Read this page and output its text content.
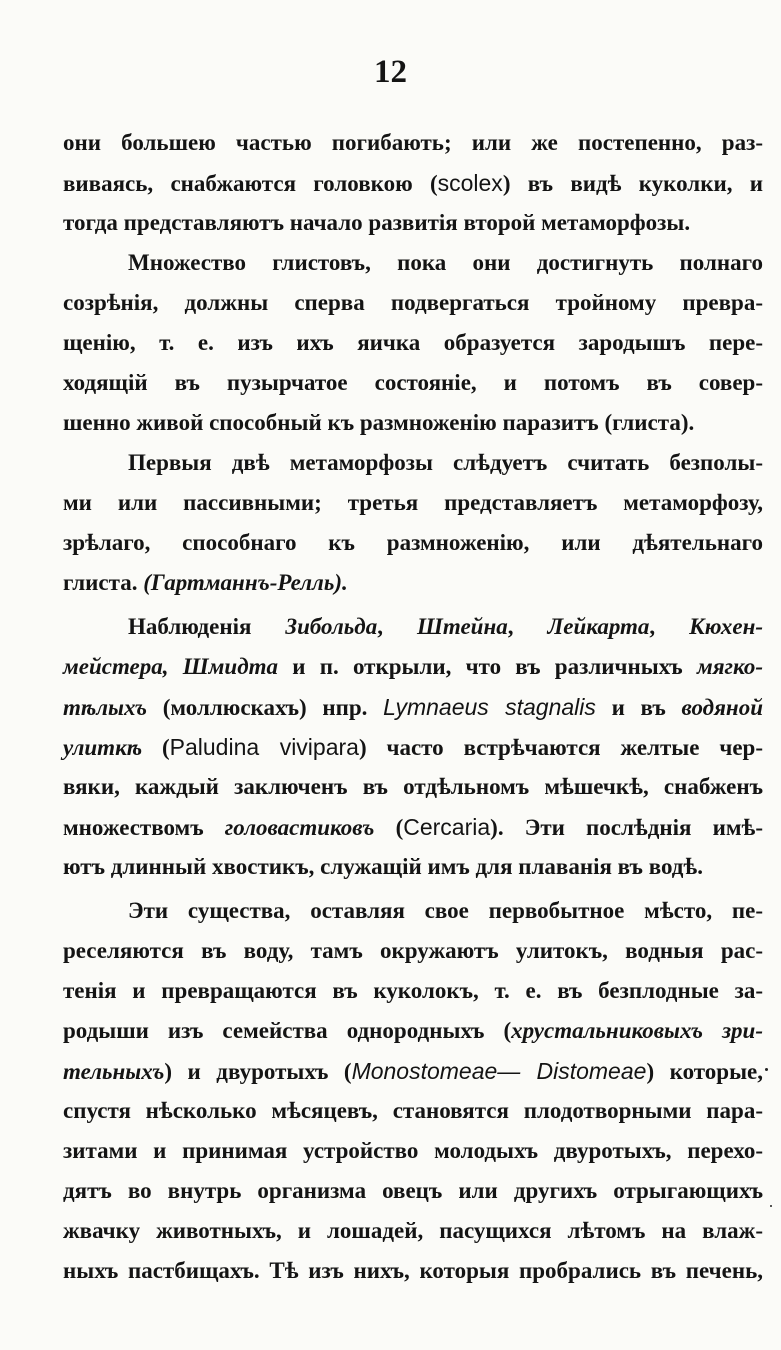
12
они большею частью погибають; или же постепенно, раз-
виваясь, снабжаются головкою (scolex) въ видѣ куколки, и
тогда представляютъ начало развитія второй метаморфозы.
Множество глистовъ, пока они достигнуть полнаго
созрѣнія, должны сперва подвергаться тройному превра-
щенію, т. е. изъ ихъ яичка образуется зародышъ пере-
ходящій въ пузырчатое состояніе, и потомъ въ совер-
шенно живой способный къ размноженію паразитъ (глиста).
Первыя двѣ метаморфозы слѣдуетъ считать безполы-
ми или пассивными; третья представляетъ метаморфозу,
зрѣлаго, способнаго къ размноженію, или дѣятельнаго
глиста. (Гартманнъ-Релль).
Наблюденія Зибольда, Штейна, Лейкарта, Кюхен-
мейстера, Шмидта и п. открыли, что въ различныхъ мягко-
тѣлыхъ (моллюскахъ) нпр. Lymnaeus stagnalis и въ водяной
улиткѣ (Paludina vivipara) часто встрѣчаются желтые чер-
вяки, каждый заключенъ въ отдѣльномъ мѣшечкѣ, снабженъ
множествомъ головастиковъ (Cercaria). Эти послѣднія имѣ-
ютъ длинный хвостикъ, служащій имъ для плаванія въ водѣ.
Эти существа, оставляя свое первобытное мѣсто, пе-
реселяются въ воду, тамъ окружаютъ улитокъ, водныя рас-
тенія и превращаются въ куколокъ, т. е. въ безплодные за-
родыши изъ семейства однородныхъ (хрустальниковыхъ зри-
тельныхъ) и двуротыхъ (Monostomeae— Distomeae) которые,
спустя нѣсколько мѣсяцевъ, становятся плодотворными пара-
зитами и принимая устройство молодыхъ двуротыхъ, перехо-
дятъ во внутрь организма овецъ или другихъ отрыгающихъ
жвачку животныхъ, и лошадей, пасущихся лѣтомъ на влаж-
ныхъ пастбищахъ. Тѣ изъ нихъ, которыя пробрались въ печень,
